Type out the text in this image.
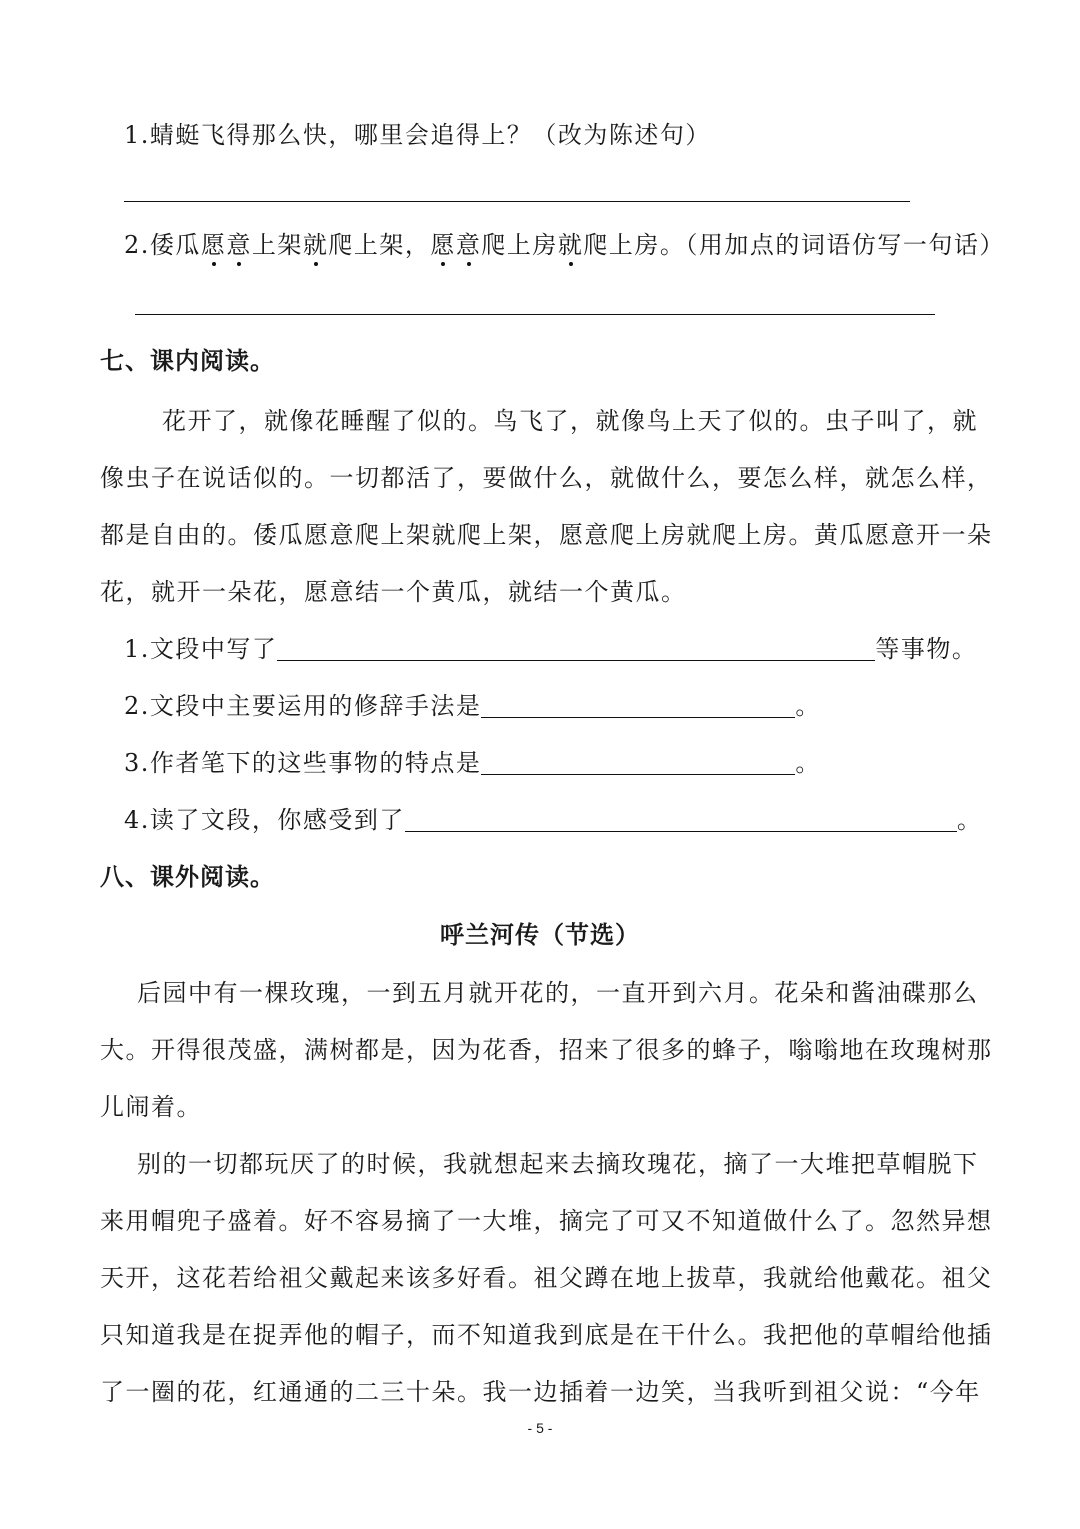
1.蜻蜓飞得那么快，哪里会追得上？（改为陈述句）
2.倭瓜愿意上架就爬上架，愿意爬上房就爬上房。（用加点的词语仿写一句话）
七、课内阅读。
花开了，就像花睡醒了似的。鸟飞了，就像鸟上天了似的。虫子叫了，就
像虫子在说话似的。一切都活了，要做什么，就做什么，要怎么样，就怎么样，
都是自由的。倭瓜愿意爬上架就爬上架，愿意爬上房就爬上房。黄瓜愿意开一朵
花，就开一朵花，愿意结一个黄瓜，就结一个黄瓜。
1.文段中写了	等事物。
2.文段中主要运用的修辞手法是	。
3.作者笔下的这些事物的特点是	。
4.读了文段，你感受到了	。
八、课外阅读。
呼兰河传（节选）
后园中有一棵玫瑰，一到五月就开花的，一直开到六月。花朵和酱油碟那么
大。开得很茂盛，满树都是，因为花香，招来了很多的蜂子，嗡嗡地在玫瑰树那
儿闹着。
别的一切都玩厌了的时候，我就想起来去摘玫瑰花，摘了一大堆把草帽脱下
来用帽兜子盛着。好不容易摘了一大堆，摘完了可又不知道做什么了。忽然异想
天开，这花若给祖父戴起来该多好看。祖父蹲在地上拔草，我就给他戴花。祖父
只知道我是在捉弄他的帽子，而不知道我到底是在干什么。我把他的草帽给他插
了一圈的花，红通通的二三十朵。我一边插着一边笑，当我听到祖父说：“今年
- 5 -
